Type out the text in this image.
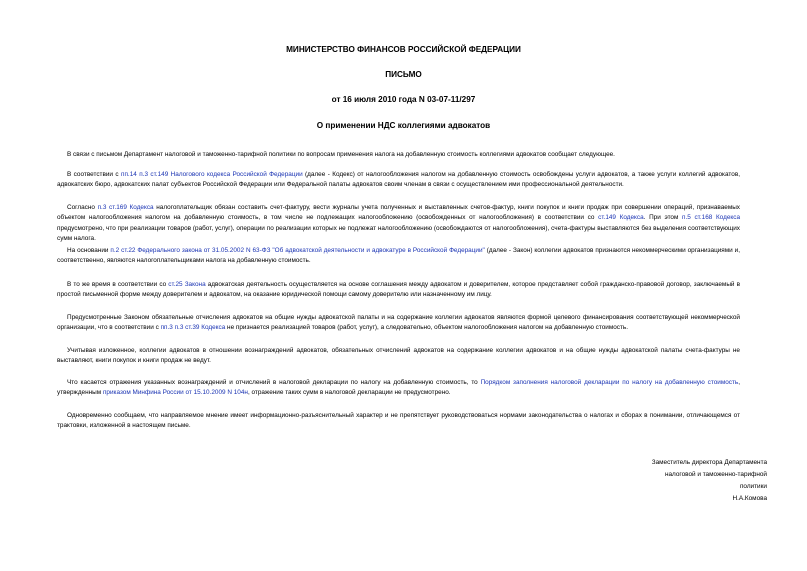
МИНИСТЕРСТВО ФИНАНСОВ РОССИЙСКОЙ ФЕДЕРАЦИИ
ПИСЬМО
от 16 июля 2010 года N 03-07-11/297
О применении НДС коллегиями адвокатов

В связи с письмом Департамент налоговой и таможенно-тарифной политики по вопросам применения налога на добавленную стоимость коллегиями адвокатов сообщает следующее.

В соответствии с пп.14 п.3 ст.149 Налогового кодекса Российской Федерации (далее - Кодекс) от налогообложения налогом на добавленную стоимость освобождены услуги адвокатов, а также услуги коллегий адвокатов, адвокатских бюро, адвокатских палат субъектов Российской Федерации или Федеральной палаты адвокатов своим членам в связи с осуществлением ими профессиональной деятельности.

Согласно п.3 ст.169 Кодекса налогоплательщик обязан составить счет-фактуру, вести журналы учета полученных и выставленных счетов-фактур, книги покупок и книги продаж при совершении операций, признаваемых объектом налогообложения налогом на добавленную стоимость, в том числе не подлежащих налогообложению (освобожденных от налогообложения) в соответствии со ст.149 Кодекса. При этом п.5 ст.168 Кодекса предусмотрено, что при реализации товаров (работ, услуг), операции по реализации которых не подлежат налогообложению (освобождаются от налогообложения), счета-фактуры выставляются без выделения соответствующих сумм налога.

На основании п.2 ст.22 Федерального закона от 31.05.2002 N 63-ФЗ "Об адвокатской деятельности и адвокатуре в Российской Федерации" (далее - Закон) коллегии адвокатов признаются некоммерческими организациями и, соответственно, являются налогоплательщиками налога на добавленную стоимость.

В то же время в соответствии со ст.25 Закона адвокатская деятельность осуществляется на основе соглашения между адвокатом и доверителем, которое представляет собой гражданско-правовой договор, заключаемый в простой письменной форме между доверителем и адвокатом, на оказание юридической помощи самому доверителю или назначенному им лицу.

Предусмотренные Законом обязательные отчисления адвокатов на общие нужды адвокатской палаты и на содержание коллегии адвокатов являются формой целевого финансирования соответствующей некоммерческой организации, что в соответствии с пп.3 п.3 ст.39 Кодекса не признается реализацией товаров (работ, услуг), а следовательно, объектом налогообложения налогом на добавленную стоимость.

Учитывая изложенное, коллегии адвокатов в отношении вознаграждений адвокатов, обязательных отчислений адвокатов на содержание коллегии адвокатов и на общие нужды адвокатской палаты счета-фактуры не выставляют, книги покупок и книги продаж не ведут.

Что касается отражения указанных вознаграждений и отчислений в налоговой декларации по налогу на добавленную стоимость, то Порядком заполнения налоговой декларации по налогу на добавленную стоимость, утвержденным приказом Минфина России от 15.10.2009 N 104н, отражение таких сумм в налоговой декларации не предусмотрено.

Одновременно сообщаем, что направляемое мнение имеет информационно-разъяснительный характер и не препятствует руководствоваться нормами законодательства о налогах и сборах в понимании, отличающемся от трактовки, изложенной в настоящем письме.

Заместитель директора Департамента
налоговой и таможенно-тарифной
политики
Н.А.Комова
